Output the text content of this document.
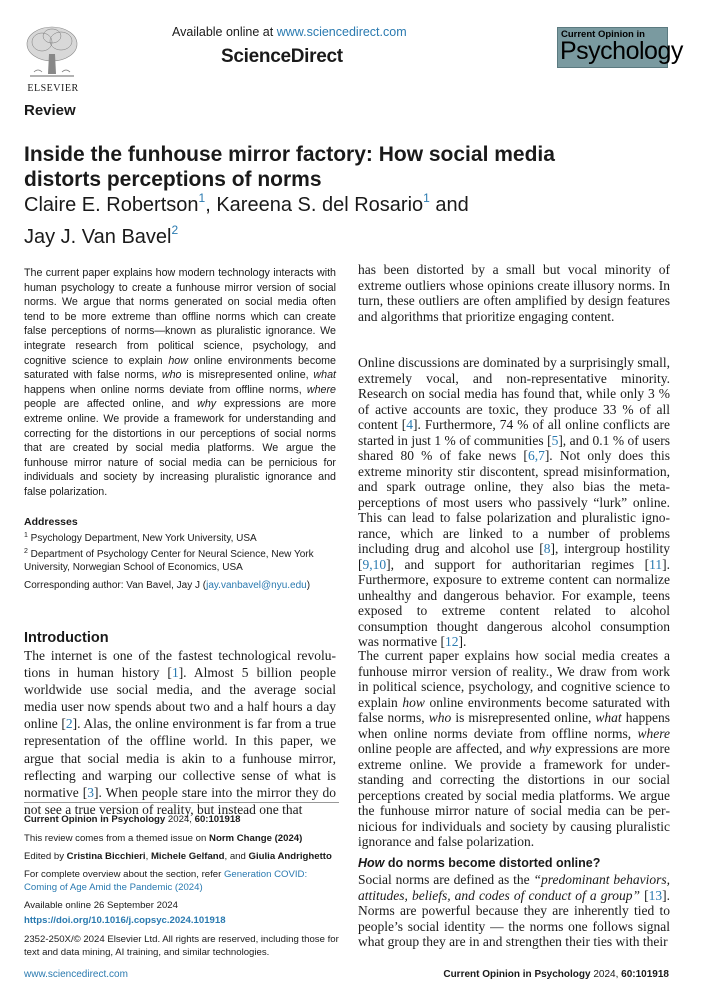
ELSEVIER
Available online at www.sciencedirect.com
ScienceDirect
Current Opinion in
Psychology
Review
Inside the funhouse mirror factory: How social media distorts perceptions of norms
Claire E. Robertson$^1$, Kareena S. del Rosario$^1$ and
Jay J. Van Bavel$^2$

The current paper explains how modern technology interacts with human psychology to create a funhouse mirror version of social norms. We argue that norms generated on social media often tend to be more extreme than offline norms which can create false perceptions of norms—known as pluralistic ignorance. We integrate research from political science, psychology, and cognitive science to explain how online environments become saturated with false norms, who is misrepresented online, what happens when online norms deviate from offline norms, where people are affected online, and why expressions are more extreme online. We provide a framework for understanding and correcting for the distortions in our perceptions of social norms that are created by social media platforms. We argue the funhouse mirror nature of social media can be pernicious for individuals and society by increasing pluralistic ignorance and false polarization.

Addresses
$^1$ Psychology Department, New York University, USA
$^2$ Department of Psychology Center for Neural Science, New York University, Norwegian School of Economics, USA
Corresponding author: Van Bavel, Jay J (jay.vanbavel@nyu.edu)
Introduction

The internet is one of the fastest technological revolutions in human history [1]. Almost 5 billion people worldwide use social media, and the average social media user now spends about two and a half hours a day online [2]. Alas, the online environment is far from a true representation of the offline world. In this paper, we argue that social media is akin to a funhouse mirror, reflecting and warping our collective sense of what is normative [3]. When people stare into the mirror they do not see a true version of reality, but instead one that

Current Opinion in Psychology 2024, 60:101918
This review comes from a themed issue on Norm Change (2024)
Edited by Cristina Bicchieri, Michele Gelfand, and Giulia Andrighetto
For complete overview about the section, refer Generation COVID: Coming of Age Amid the Pandemic (2024)
Available online 26 September 2024
https://doi.org/10.1016/j.copsyc.2024.101918
2352-250X/© 2024 Elsevier Ltd. All rights are reserved, including those for text and data mining, AI training, and similar technologies.

has been distorted by a small but vocal minority of extreme outliers whose opinions create illusory norms. In turn, these outliers are often amplified by design features and algorithms that prioritize engaging content.

Online discussions are dominated by a surprisingly small, extremely vocal, and non-representative minority. Research on social media has found that, while only 3 % of active accounts are toxic, they produce 33 % of all content [4]. Furthermore, 74 % of all online conflicts are started in just 1 % of communities [5], and 0.1 % of users shared 80 % of fake news [6,7]. Not only does this extreme minority stir discontent, spread misinformation, and spark outrage online, they also bias the meta-perceptions of most users who passively “lurk” online. This can lead to false polarization and pluralistic ignorance, which are linked to a number of problems including drug and alcohol use [8], intergroup hostility [9,10], and support for authoritarian regimes [11]. Furthermore, exposure to extreme content can normalize unhealthy and dangerous behavior. For example, teens exposed to extreme content related to alcohol consumption thought dangerous alcohol consumption was normative [12].

The current paper explains how social media creates a funhouse mirror version of reality., We draw from work in political science, psychology, and cognitive science to explain how online environments become saturated with false norms, who is misrepresented online, what happens when online norms deviate from offline norms, where online people are affected, and why expressions are more extreme online. We provide a framework for understanding and correcting the distortions in our social perceptions created by social media platforms. We argue the funhouse mirror nature of social media can be pernicious for individuals and society by causing pluralistic ignorance and false polarization.

How do norms become distorted online?

Social norms are defined as the “predominant behaviors, attitudes, beliefs, and codes of conduct of a group” [13]. Norms are powerful because they are inherently tied to people’s social identity — the norms one follows signal what group they are in and strengthen their ties with their

www.sciencedirect.com	Current Opinion in Psychology 2024, 60:101918
